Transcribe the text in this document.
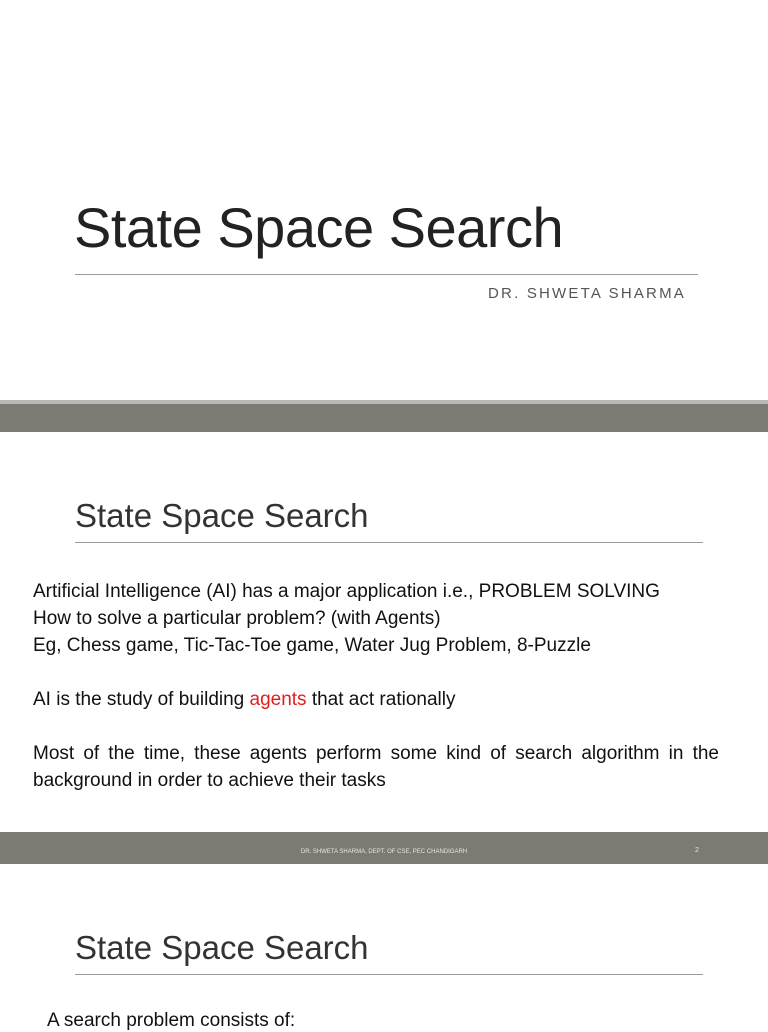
State Space Search
DR. SHWETA SHARMA
State Space Search

Artificial Intelligence (AI) has a major application i.e., PROBLEM SOLVING

How to solve a particular problem? (with Agents)

Eg, Chess game, Tic-Tac-Toe game, Water Jug Problem, 8-Puzzle

AI is the study of building agents that act rationally

Most of the time, these agents perform some kind of search algorithm in the background in order to achieve their tasks

DR. SHWETA SHARMA, DEPT. OF CSE, PEC CHANDIGARH	2
State Space Search
A search problem consists of:
